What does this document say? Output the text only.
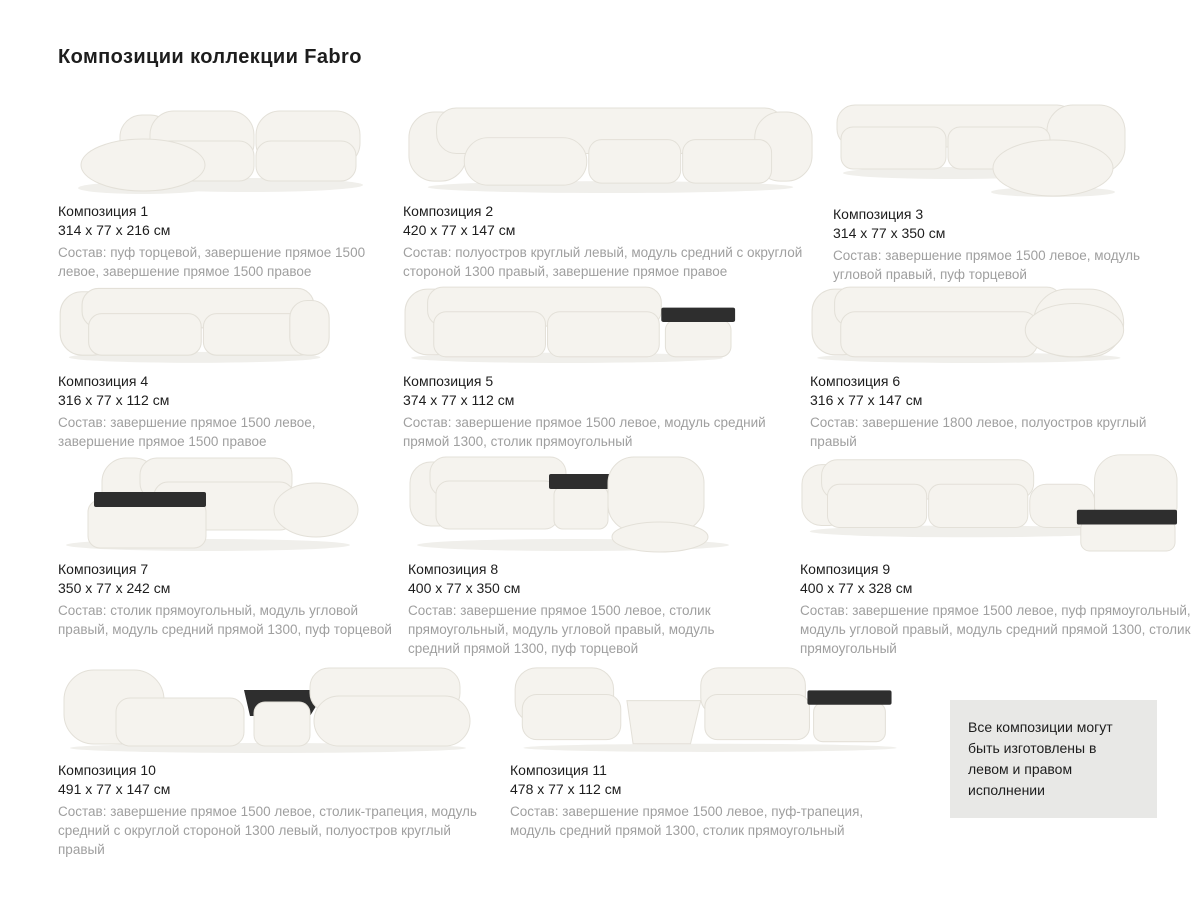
Композиции коллекции Fabro
Композиция 1
314 x 77 x 216 см
Состав: пуф торцевой, завершение прямое 1500 левое, завершение прямое 1500 правое
Композиция 2
420 x 77 x 147 см
Состав: полуостров круглый левый, модуль средний с округлой стороной 1300 правый, завершение прямое правое
Композиция 3
314 x 77 x 350 см
Состав: завершение прямое 1500 левое, модуль угловой правый, пуф торцевой
Композиция 4
316 x 77 x 112 см
Состав: завершение прямое 1500 левое, завершение прямое 1500 правое
Композиция 5
374 x 77 x 112 см
Состав: завершение прямое 1500 левое, модуль средний прямой 1300, столик прямоугольный
Композиция 6
316 x 77 x 147 см
Состав: завершение 1800 левое, полуостров круглый правый
Композиция 7
350 x 77 x 242 см
Состав: столик прямоугольный, модуль угловой правый, модуль средний прямой 1300, пуф торцевой
Композиция 8
400 x 77 x 350 см
Состав: завершение прямое 1500 левое, столик прямоугольный, модуль угловой правый, модуль средний прямой 1300, пуф торцевой
Композиция 9
400 x 77 x 328 см
Состав: завершение прямое 1500 левое, пуф прямоугольный, модуль угловой правый, модуль средний прямой 1300, столик прямоугольный
Композиция 10
491 x 77 x 147 см
Состав: завершение прямое 1500 левое, столик-трапеция, модуль средний с округлой стороной 1300 левый, полуостров круглый правый
Композиция 11
478 x 77 x 112 см
Состав: завершение прямое 1500 левое, пуф-трапеция, модуль средний прямой 1300, столик прямоугольный

Все композиции могут быть изготовлены в левом и правом исполнении
